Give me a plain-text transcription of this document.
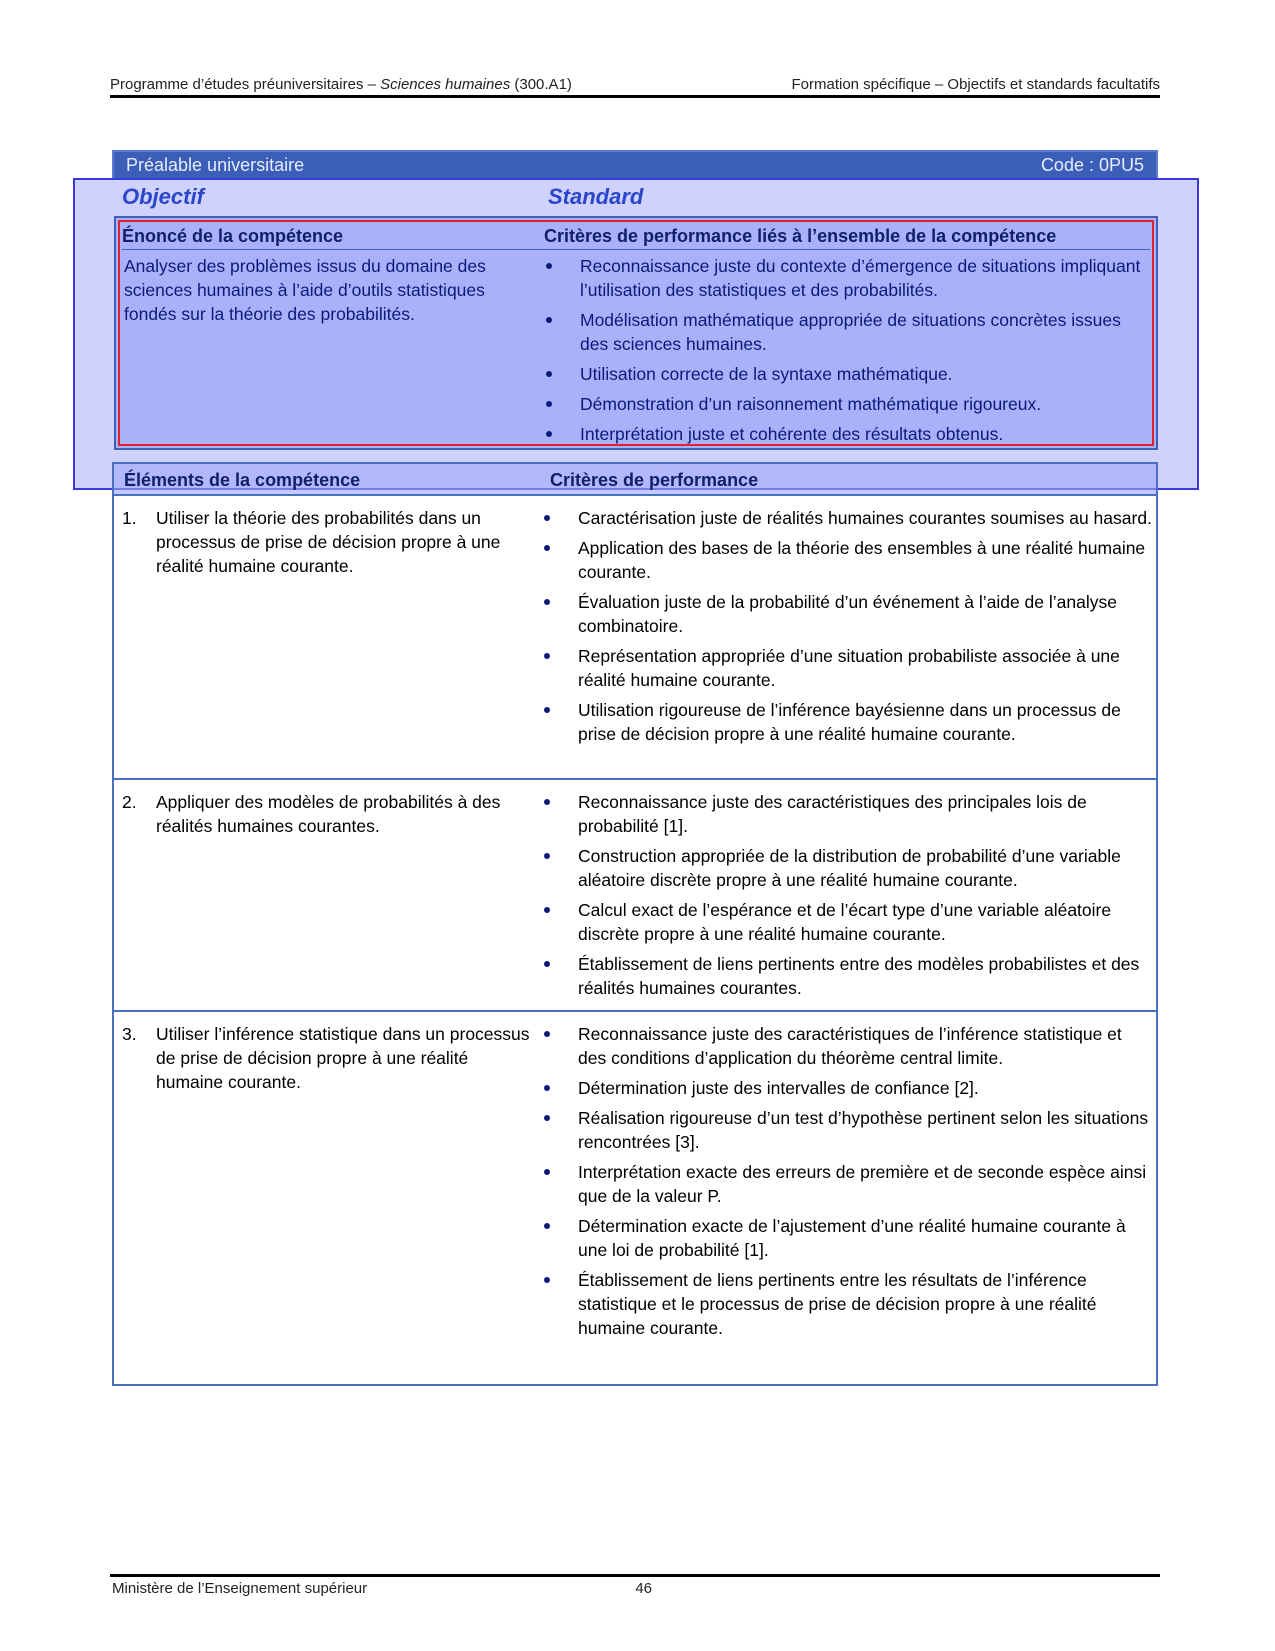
Programme d’études préuniversitaires – Sciences humaines (300.A1)	Formation spécifique – Objectifs et standards facultatifs
Préalable universitaire	Code : 0PU5
Objectif	Standard
Énoncé de la compétence	Critères de performance liés à l’ensemble de la compétence
Analyser des problèmes issus du domaine des sciences humaines à l’aide d’outils statistiques fondés sur la théorie des probabilités.
Reconnaissance juste du contexte d’émergence de situations impliquant l’utilisation des statistiques et des probabilités.
Modélisation mathématique appropriée de situations concrètes issues des sciences humaines.
Utilisation correcte de la syntaxe mathématique.
Démonstration d’un raisonnement mathématique rigoureux.
Interprétation juste et cohérente des résultats obtenus.
Éléments de la compétence	Critères de performance
1.	Utiliser la théorie des probabilités dans un processus de prise de décision propre à une réalité humaine courante.
Caractérisation juste de réalités humaines courantes soumises au hasard.
Application des bases de la théorie des ensembles à une réalité humaine courante.
Évaluation juste de la probabilité d’un événement à l’aide de l’analyse combinatoire.
Représentation appropriée d’une situation probabiliste associée à une réalité humaine courante.
Utilisation rigoureuse de l’inférence bayésienne dans un processus de prise de décision propre à une réalité humaine courante.
2.	Appliquer des modèles de probabilités à des réalités humaines courantes.
Reconnaissance juste des caractéristiques des principales lois de probabilité [1].
Construction appropriée de la distribution de probabilité d’une variable aléatoire discrète propre à une réalité humaine courante.
Calcul exact de l’espérance et de l’écart type d’une variable aléatoire discrète propre à une réalité humaine courante.
Établissement de liens pertinents entre des modèles probabilistes et des réalités humaines courantes.
3.	Utiliser l’inférence statistique dans un processus de prise de décision propre à une réalité humaine courante.
Reconnaissance juste des caractéristiques de l’inférence statistique et des conditions d’application du théorème central limite.
Détermination juste des intervalles de confiance [2].
Réalisation rigoureuse d’un test d’hypothèse pertinent selon les situations rencontrées [3].
Interprétation exacte des erreurs de première et de seconde espèce ainsi que de la valeur P.
Détermination exacte de l’ajustement d’une réalité humaine courante à une loi de probabilité [1].
Établissement de liens pertinents entre les résultats de l’inférence statistique et le processus de prise de décision propre à une réalité humaine courante.
Ministère de l’Enseignement supérieur	46
